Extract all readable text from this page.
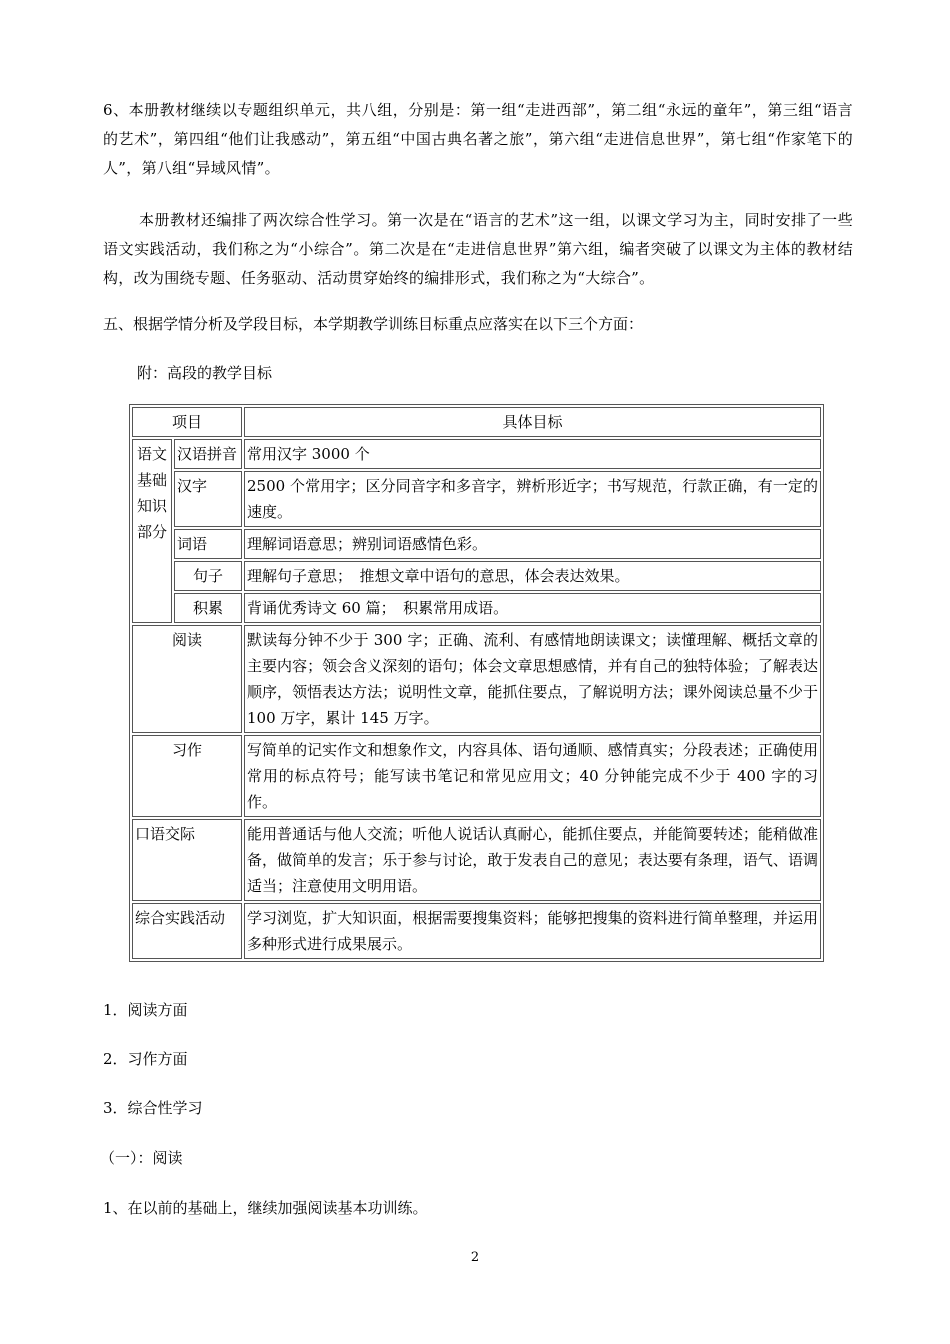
6、本册教材继续以专题组织单元，共八组，分别是：第一组“走进西部”，第二组“永远的童年”，第三组“语言的艺术”，第四组“他们让我感动”，第五组“中国古典名著之旅”，第六组“走进信息世界”，第七组“作家笔下的人”，第八组“异域风情”。

本册教材还编排了两次综合性学习。第一次是在“语言的艺术”这一组，以课文学习为主，同时安排了一些语文实践活动，我们称之为“小综合”。第二次是在“走进信息世界”第六组，编者突破了以课文为主体的教材结构，改为围绕专题、任务驱动、活动贯穿始终的编排形式，我们称之为“大综合”。

五、根据学情分析及学段目标，本学期教学训练目标重点应落实在以下三个方面：

附：高段的教学目标

项目		具体目标
语文基础知识部分	汉语拼音	常用汉字 3000 个
	汉字	2500 个常用字；区分同音字和多音字，辨析形近字；书写规范，行款正确，有一定的速度。
	词语	理解词语意思；辨别词语感情色彩。
	句子	理解句子意思；　推想文章中语句的意思，体会表达效果。
	积累	背诵优秀诗文 60 篇；　积累常用成语。
阅读		默读每分钟不少于 300 字；正确、流利、有感情地朗读课文；读懂理解、概括文章的主要内容；领会含义深刻的语句；体会文章思想感情，并有自己的独特体验；了解表达顺序，领悟表达方法；说明性文章，能抓住要点，了解说明方法；课外阅读总量不少于 100 万字，累计 145 万字。
习作		写简单的记实作文和想象作文，内容具体、语句通顺、感情真实；分段表述；正确使用常用的标点符号；能写读书笔记和常见应用文；40 分钟能完成不少于 400 字的习作。
口语交际		能用普通话与他人交流；听他人说话认真耐心，能抓住要点，并能简要转述；能稍做准备，做简单的发言；乐于参与讨论，敢于发表自己的意见；表达要有条理，语气、语调适当；注意使用文明用语。
综合实践活动		学习浏览，扩大知识面，根据需要搜集资料；能够把搜集的资料进行简单整理，并运用多种形式进行成果展示。

1．阅读方面

2．习作方面

3．综合性学习

（一）：阅读

1、在以前的基础上，继续加强阅读基本功训练。

2
